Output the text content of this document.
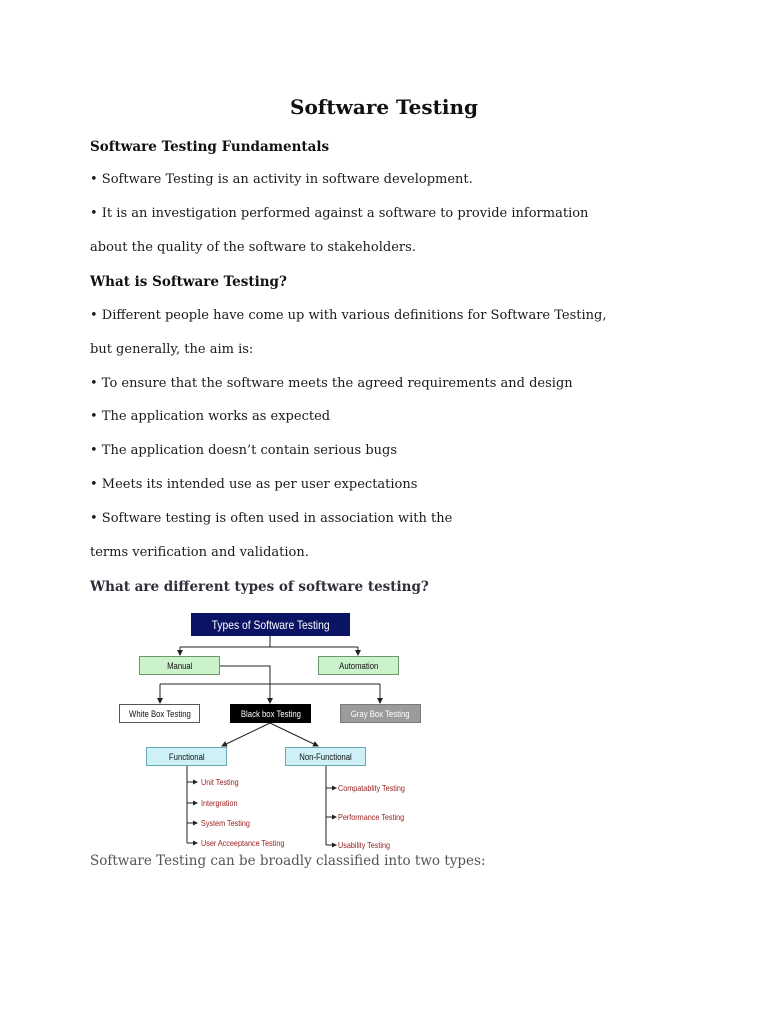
Software Testing
Software Testing Fundamentals
• Software Testing is an activity in software development.
• It is an investigation performed against a software to provide information
about the quality of the software to stakeholders.
What is Software Testing?
• Different people have come up with various definitions for Software Testing,
but generally, the aim is:
• To ensure that the software meets the agreed requirements and design
• The application works as expected
• The application doesn’t contain serious bugs
• Meets its intended use as per user expectations
• Software testing is often used in association with the
terms verification and validation.
What are different types of software testing?
Types of Software Testing
Manual	Automation
White Box Testing	Black box Testing	Gray Box Testing
Functional	Non-Functional
Unit Testing
Intergration
System Testing
User Acceeptance Testing
Compatablity Testing
Performance Testing
Usability Testing
Software Testing can be broadly classified into two types:
